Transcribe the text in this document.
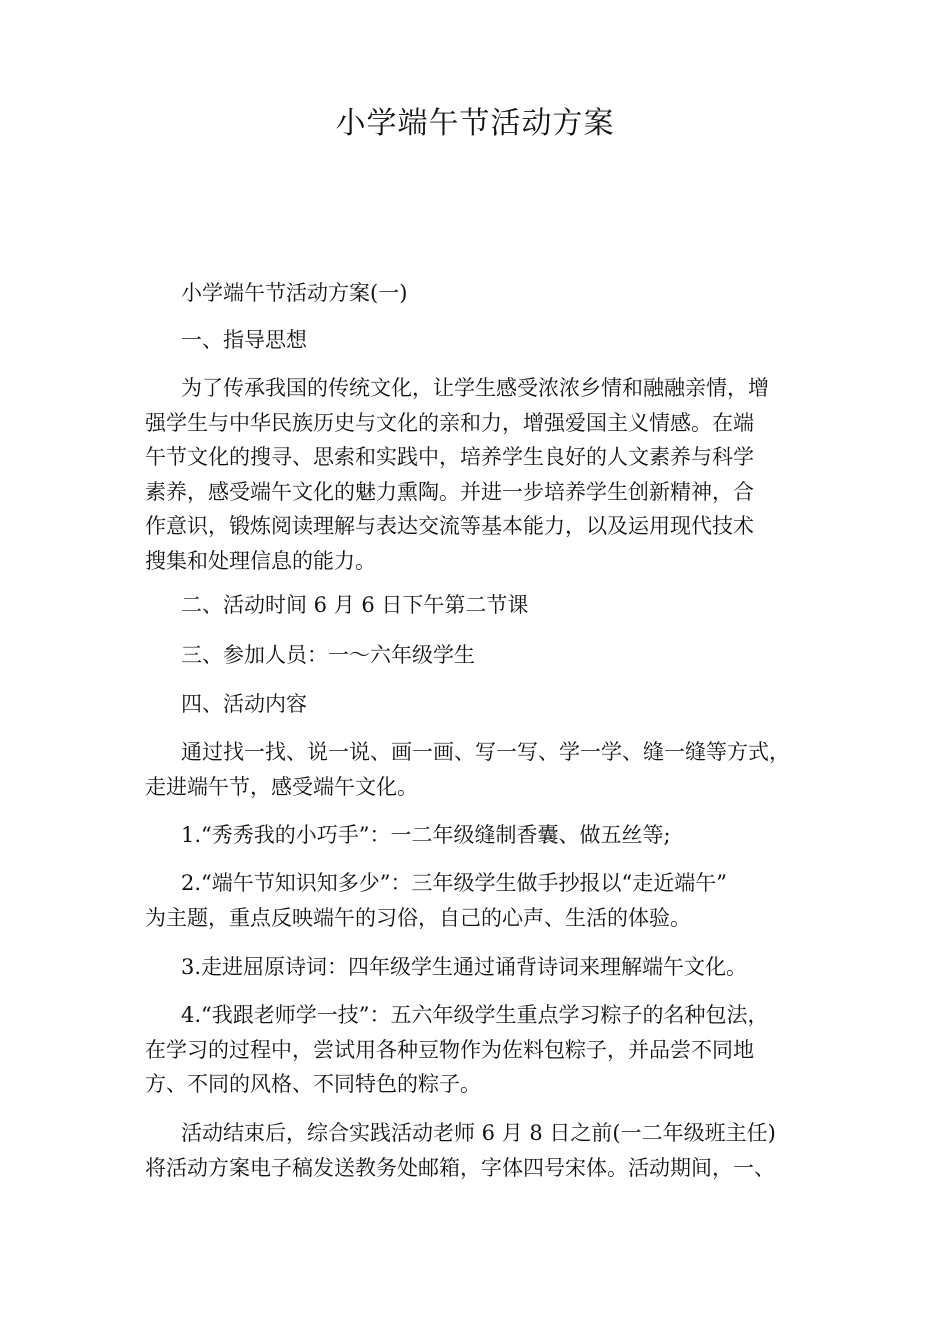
小学端午节活动方案
小学端午节活动方案(一)
一、指导思想
为了传承我国的传统文化，让学生感受浓浓乡情和融融亲情，增
强学生与中华民族历史与文化的亲和力，增强爱国主义情感。在端
午节文化的搜寻、思索和实践中，培养学生良好的人文素养与科学
素养，感受端午文化的魅力熏陶。并进一步培养学生创新精神，合
作意识，锻炼阅读理解与表达交流等基本能力，以及运用现代技术
搜集和处理信息的能力。
二、活动时间 6 月 6 日下午第二节课
三、参加人员：一～六年级学生
四、活动内容
通过找一找、说一说、画一画、写一写、学一学、缝一缝等方式，
走进端午节，感受端午文化。
1.“秀秀我的小巧手”：一二年级缝制香囊、做五丝等;
2.“端午节知识知多少”：三年级学生做手抄报以“走近端午”
为主题，重点反映端午的习俗，自己的心声、生活的体验。
3.走进屈原诗词：四年级学生通过诵背诗词来理解端午文化。
4.“我跟老师学一技”：五六年级学生重点学习粽子的名种包法，
在学习的过程中，尝试用各种豆物作为佐料包粽子，并品尝不同地
方、不同的风格、不同特色的粽子。
活动结束后，综合实践活动老师 6 月 8 日之前(一二年级班主任)
将活动方案电子稿发送教务处邮箱，字体四号宋体。活动期间，一、
